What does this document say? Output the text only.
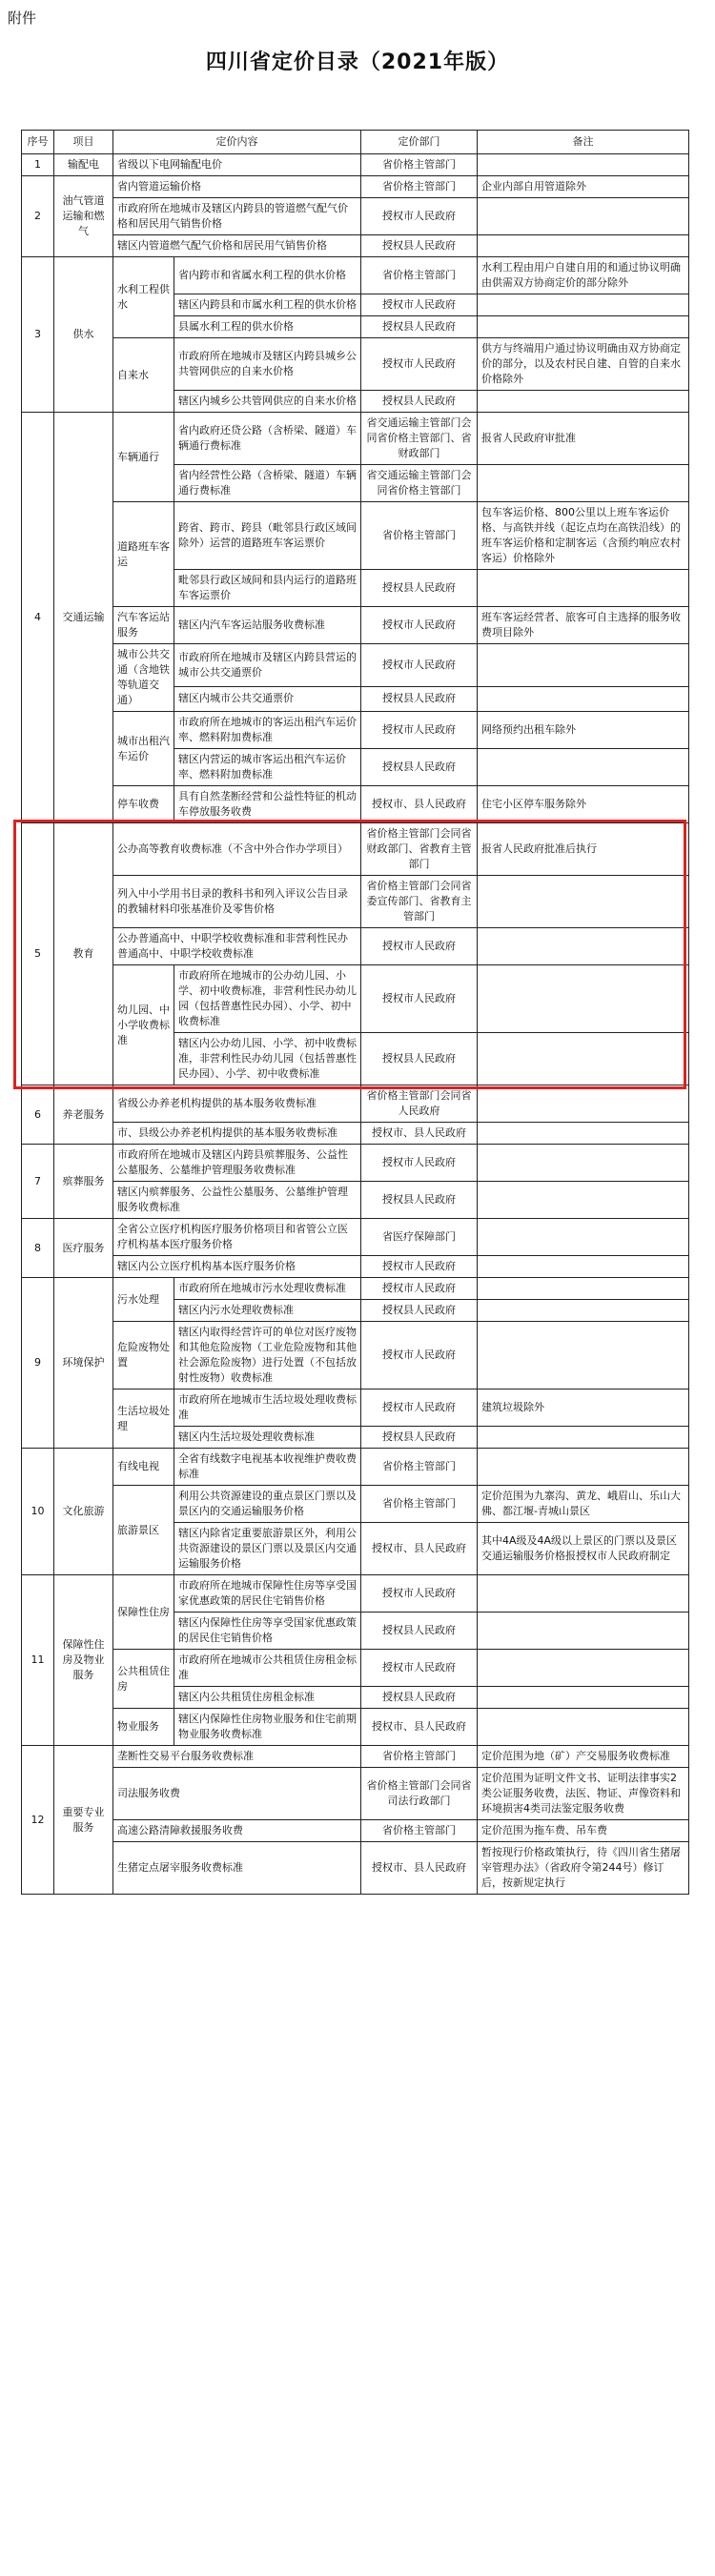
附件
四川省定价目录（2021年版）
序号	项目	定价内容		定价部门	备注
1	输配电	省级以下电网输配电价		省价格主管部门	
2	油气管道运输和燃气	省内管道运输价格		省价格主管部门	企业内部自用管道除外
		市政府所在地城市及辖区内跨县的管道燃气配气价格和居民用气销售价格		授权市人民政府	
		辖区内管道燃气配气价格和居民用气销售价格		授权县人民政府	
3	供水	水利工程供水	省内跨市和省属水利工程的供水价格	省价格主管部门	水利工程由用户自建自用的和通过协议明确由供需双方协商定价的部分除外
			辖区内跨县和市属水利工程的供水价格	授权市人民政府	
			县属水利工程的供水价格	授权县人民政府	
		自来水	市政府所在地城市及辖区内跨县城乡公共管网供应的自来水价格	授权市人民政府	供方与终端用户通过协议明确由双方协商定价的部分，以及农村民自建、自管的自来水价格除外
			辖区内城乡公共管网供应的自来水价格	授权县人民政府	
4	交通运输	车辆通行	省内政府还贷公路（含桥梁、隧道）车辆通行费标准	省交通运输主管部门会同省价格主管部门、省财政部门	报省人民政府审批准
			省内经营性公路（含桥梁、隧道）车辆通行费标准	省交通运输主管部门会同省价格主管部门	
		道路班车客运	跨省、跨市、跨县（毗邻县行政区域间除外）运营的道路班车客运票价	省价格主管部门	包车客运价格、800公里以上班车客运价格、与高铁并线（起讫点均在高铁沿线）的班车客运价格和定制客运（含预约响应农村客运）价格除外
			毗邻县行政区域间和县内运行的道路班车客运票价	授权县人民政府	
		汽车客运站服务	辖区内汽车客运站服务收费标准	授权市人民政府	班车客运经营者、旅客可自主选择的服务收费项目除外
		城市公共交通（含地铁等轨道交通）	市政府所在地城市及辖区内跨县营运的城市公共交通票价	授权市人民政府	
			辖区内城市公共交通票价	授权县人民政府	
		城市出租汽车运价	市政府所在地城市的客运出租汽车运价率、燃料附加费标准	授权市人民政府	网络预约出租车除外
			辖区内营运的城市客运出租汽车运价率、燃料附加费标准	授权县人民政府	
		停车收费	具有自然垄断经营和公益性特征的机动车停放服务收费	授权市、县人民政府	住宅小区停车服务除外
5	教育	公办高等教育收费标准（不含中外合作办学项目）		省价格主管部门会同省财政部门、省教育主管部门	报省人民政府批准后执行
		列入中小学用书目录的教科书和列入评议公告目录的教辅材料印张基准价及零售价格		省价格主管部门会同省委宣传部门、省教育主管部门	
		公办普通高中、中职学校收费标准和非营利性民办普通高中、中职学校收费标准		授权市人民政府	
		幼儿园、中小学收费标准	市政府所在地城市的公办幼儿园、小学、初中收费标准，非营利性民办幼儿园（包括普惠性民办园）、小学、初中收费标准	授权市人民政府	
			辖区内公办幼儿园、小学、初中收费标准，非营利性民办幼儿园（包括普惠性民办园）、小学、初中收费标准	授权县人民政府	
6	养老服务	省级公办养老机构提供的基本服务收费标准		省价格主管部门会同省人民政府	
		市、县级公办养老机构提供的基本服务收费标准		授权市、县人民政府	
7	殡葬服务	市政府所在地城市及辖区内跨县殡葬服务、公益性公墓服务、公墓维护管理服务收费标准		授权市人民政府	
		辖区内殡葬服务、公益性公墓服务、公墓维护管理服务收费标准		授权县人民政府	
8	医疗服务	全省公立医疗机构医疗服务价格项目和省管公立医疗机构基本医疗服务价格		省医疗保障部门	
		辖区内公立医疗机构基本医疗服务价格		授权市人民政府	
9	环境保护	污水处理	市政府所在地城市污水处理收费标准	授权市人民政府	
			辖区内污水处理收费标准	授权县人民政府	
		危险废物处置	辖区内取得经营许可的单位对医疗废物和其他危险废物（工业危险废物和其他社会源危险废物）进行处置（不包括放射性废物）收费标准	授权市人民政府	
		生活垃圾处理	市政府所在地城市生活垃圾处理收费标准	授权市人民政府	建筑垃圾除外
			辖区内生活垃圾处理收费标准	授权县人民政府	
10	文化旅游	有线电视	全省有线数字电视基本收视维护费收费标准	省价格主管部门	
		旅游景区	利用公共资源建设的重点景区门票以及景区内的交通运输服务价格	省价格主管部门	定价范围为九寨沟、黄龙、峨眉山、乐山大佛、都江堰-青城山景区
			辖区内除省定重要旅游景区外，利用公共资源建设的景区门票以及景区内交通运输服务价格	授权市、县人民政府	其中4A级及4A级以上景区的门票以及景区交通运输服务价格报授权市人民政府制定
11	保障性住房及物业服务	保障性住房	市政府所在地城市保障性住房等享受国家优惠政策的居民住宅销售价格	授权市人民政府	
			辖区内保障性住房等享受国家优惠政策的居民住宅销售价格	授权县人民政府	
		公共租赁住房	市政府所在地城市公共租赁住房租金标准	授权市人民政府	
			辖区内公共租赁住房租金标准	授权县人民政府	
		物业服务	辖区内保障性住房物业服务和住宅前期物业服务收费标准	授权市、县人民政府	
12	重要专业服务	垄断性交易平台服务收费标准		省价格主管部门	定价范围为地（矿）产交易服务收费标准
		司法服务收费		省价格主管部门会同省司法行政部门	定价范围为证明文件文书、证明法律事实2类公证服务收费，法医、物证、声像资料和环境损害4类司法鉴定服务收费
		高速公路清障救援服务收费		省价格主管部门	定价范围为拖车费、吊车费
		生猪定点屠宰服务收费标准		授权市、县人民政府	暂按现行价格政策执行，待《四川省生猪屠宰管理办法》（省政府令第244号）修订后，按新规定执行
